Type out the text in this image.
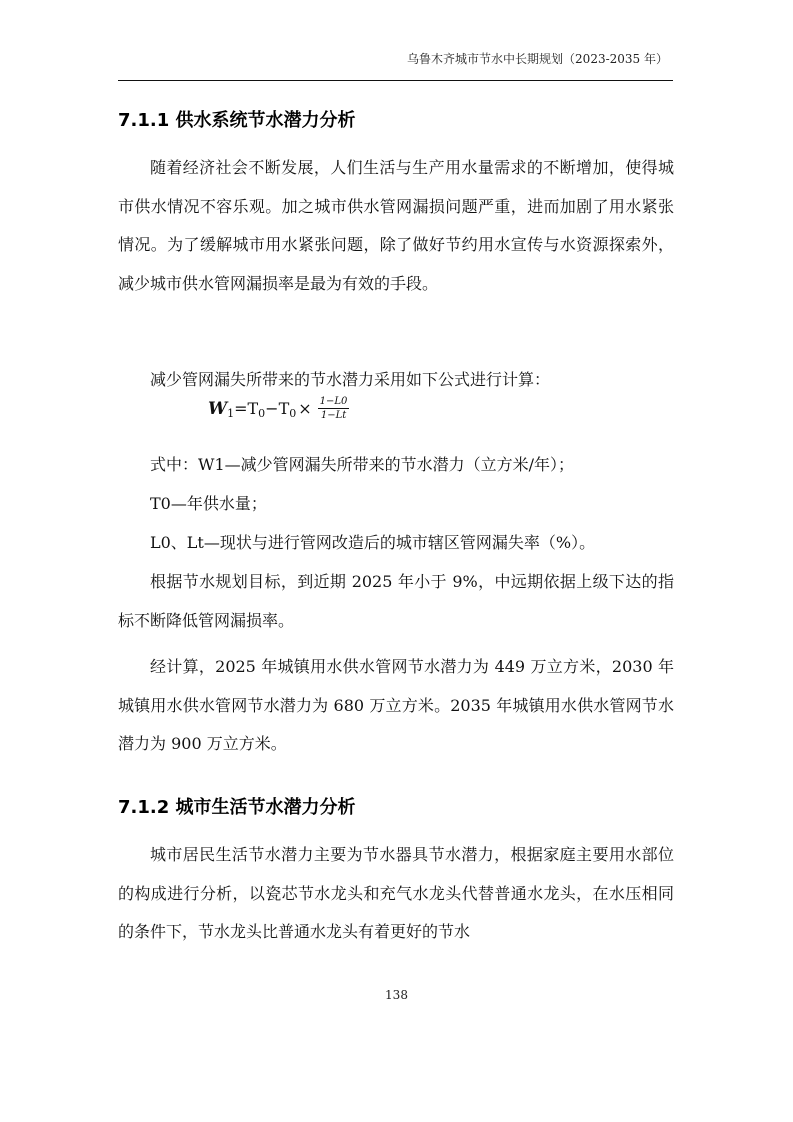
乌鲁木齐城市节水中长期规划（2023-2035 年）
7.1.1 供水系统节水潜力分析

随着经济社会不断发展，人们生活与生产用水量需求的不断增加，使得城市供水情况不容乐观。加之城市供水管网漏损问题严重，进而加剧了用水紧张情况。为了缓解城市用水紧张问题，除了做好节约用水宣传与水资源探索外，减少城市供水管网漏损率是最为有效的手段。

减少管网漏失所带来的节水潜力采用如下公式进行计算：

$W_1=T_0-T_0 \times \frac{1-L0}{1-Lt}$

式中：W1—减少管网漏失所带来的节水潜力（立方米/年）；

T0—年供水量；

L0、Lt—现状与进行管网改造后的城市辖区管网漏失率（%）。

根据节水规划目标，到近期 2025 年小于 9%，中远期依据上级下达的指标不断降低管网漏损率。

经计算，2025 年城镇用水供水管网节水潜力为 449 万立方米，2030 年城镇用水供水管网节水潜力为 680 万立方米。2035 年城镇用水供水管网节水潜力为 900 万立方米。

7.1.2 城市生活节水潜力分析

城市居民生活节水潜力主要为节水器具节水潜力，根据家庭主要用水部位的构成进行分析，以瓷芯节水龙头和充气水龙头代替普通水龙头，在水压相同的条件下，节水龙头比普通水龙头有着更好的节水

138
